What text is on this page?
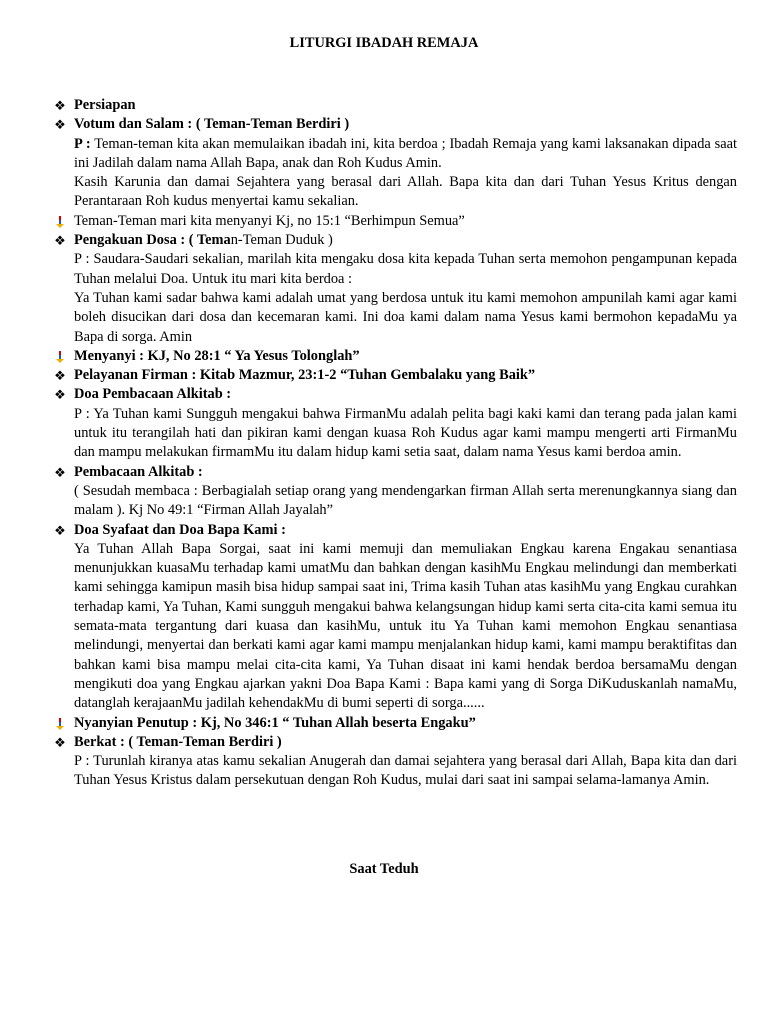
LITURGI IBADAH REMAJA
❖ Persiapan

❖ Votum dan Salam : ( Teman-Teman Berdiri )

P : Teman-teman kita akan memulaikan ibadah ini, kita berdoa ; Ibadah Remaja yang kami laksanakan dipada saat ini Jadilah dalam nama Allah Bapa, anak dan Roh Kudus Amin.

Kasih Karunia dan damai Sejahtera yang berasal dari Allah. Bapa kita dan dari Tuhan Yesus Kritus dengan Perantaraan Roh kudus menyertai kamu sekalian.

Teman-Teman mari kita menyanyi Kj, no 15:1 “Berhimpun Semua”

❖ Pengakuan Dosa : ( Teman-Teman Duduk )

P : Saudara-Saudari sekalian, marilah kita mengaku dosa kita kepada Tuhan serta memohon pengampunan kepada Tuhan melalui Doa. Untuk itu mari kita berdoa :

Ya Tuhan kami sadar bahwa kami adalah umat yang berdosa untuk itu kami memohon ampunilah kami agar kami boleh disucikan dari dosa dan kecemaran kami. Ini doa kami dalam nama Yesus kami bermohon kepadaMu ya Bapa di sorga. Amin

Menyanyi : KJ, No 28:1 “ Ya Yesus Tolonglah”

❖ Pelayanan Firman : Kitab Mazmur, 23:1-2 “Tuhan Gembalaku yang Baik”

❖ Doa Pembacaan Alkitab :

P : Ya Tuhan kami Sungguh mengakui bahwa FirmanMu adalah pelita bagi kaki kami dan terang pada jalan kami untuk itu terangilah hati dan pikiran kami dengan kuasa Roh Kudus agar kami mampu mengerti arti FirmanMu dan mampu melakukan firmamMu itu dalam hidup kami setia saat, dalam nama Yesus kami berdoa amin.

❖ Pembacaan Alkitab :

( Sesudah membaca : Berbagialah setiap orang yang mendengarkan firman Allah serta merenungkannya siang dan malam ). Kj No 49:1 “Firman Allah Jayalah”

❖ Doa Syafaat dan Doa Bapa Kami :

Ya Tuhan Allah Bapa Sorgai, saat ini kami memuji dan memuliakan Engkau karena Engakau senantiasa menunjukkan kuasaMu terhadap kami umatMu dan bahkan dengan kasihMu Engkau melindungi dan memberkati kami sehingga kamipun masih bisa hidup sampai saat ini, Trima kasih Tuhan atas kasihMu yang Engkau curahkan terhadap kami, Ya Tuhan, Kami sungguh mengakui bahwa kelangsungan hidup kami serta cita-cita kami semua itu semata-mata tergantung dari kuasa dan kasihMu, untuk itu Ya Tuhan kami memohon Engkau senantiasa melindungi, menyertai dan berkati kami agar kami mampu menjalankan hidup kami, kami mampu beraktifitas dan bahkan kami bisa mampu melai cita-cita kami, Ya Tuhan disaat ini kami hendak berdoa bersamaMu dengan mengikuti doa yang Engkau ajarkan yakni Doa Bapa Kami : Bapa kami yang di Sorga DiKuduskanlah namaMu, datanglah kerajaanMu jadilah kehendakMu di bumi seperti di sorga......

Nyanyian Penutup : Kj, No 346:1 “ Tuhan Allah beserta Engaku”

❖ Berkat : ( Teman-Teman Berdiri )

P : Turunlah kiranya atas kamu sekalian Anugerah dan damai sejahtera yang berasal dari Allah, Bapa kita dan dari Tuhan Yesus Kristus dalam persekutuan dengan Roh Kudus, mulai dari saat ini sampai selama-lamanya Amin.

Saat Teduh
